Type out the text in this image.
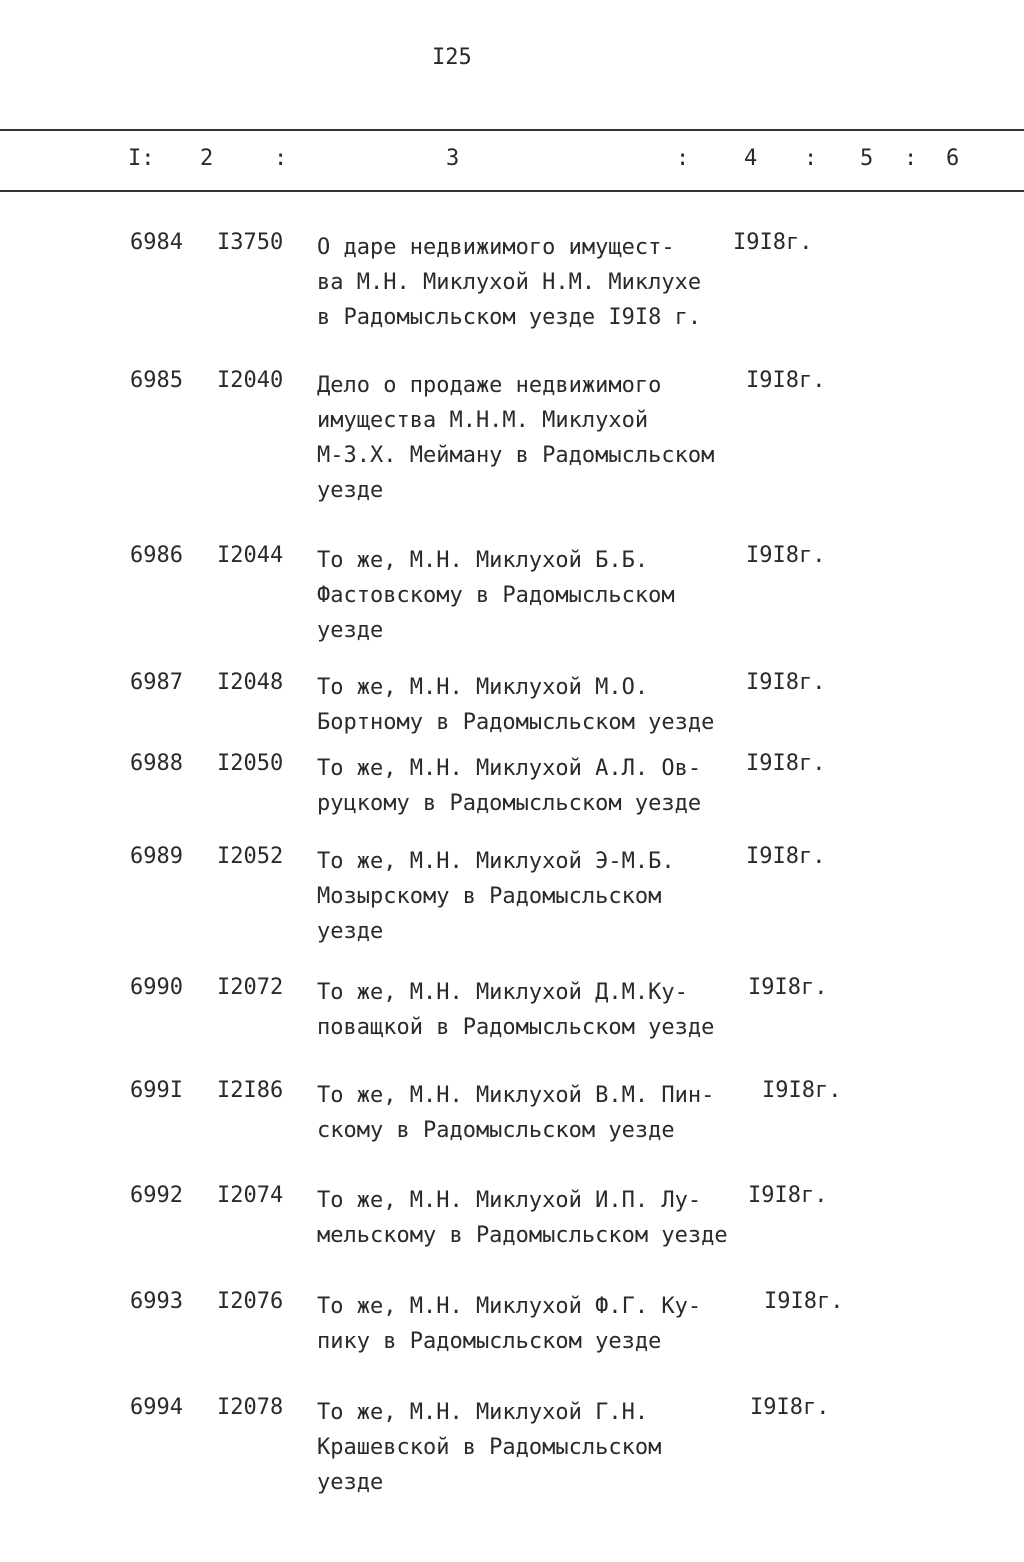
I25
I: 2	:	3	: 4 : 5 : 6
6984 I3750 О даре недвижимого имущест-
ва М.Н. Миклухой Н.М. Миклухе
в Радомысльском уезде I9I8 г.
I9I8г.
6985 I2040 Дело о продаже недвижимого
имущества М.Н.М. Миклухой
М-З.Х. Мейману в Радомысльском
уезде
I9I8г.
6986 I2044 То же, М.Н. Миклухой Б.Б.
Фастовскому в Радомысльском
уезде
I9I8г.
6987 I2048 То же, М.Н. Миклухой М.О.
Бортному в Радомысльском уезде
I9I8г.
6988 I2050 То же, М.Н. Миклухой А.Л. Ов-
руцкому в Радомысльском уезде
I9I8г.
6989 I2052 То же, М.Н. Миклухой Э-М.Б.
Мозырскому в Радомысльском
уезде
I9I8г.
6990 I2072 То же, М.Н. Миклухой Д.М.Ку-
поващкой в Радомысльском уезде
I9I8г.
699I I2I86 То же, М.Н. Миклухой В.М. Пин-
скому в Радомысльском уезде
I9I8г.
6992 I2074 То же, М.Н. Миклухой И.П. Лу-
мельскому в Радомысльском уезде
I9I8г.
6993 I2076 То же, М.Н. Миклухой Ф.Г. Ку-
пику в Радомысльском уезде
I9I8г.
6994 I2078 То же, М.Н. Миклухой Г.Н.
Крашевской в Радомысльском
уезде
I9I8г.
